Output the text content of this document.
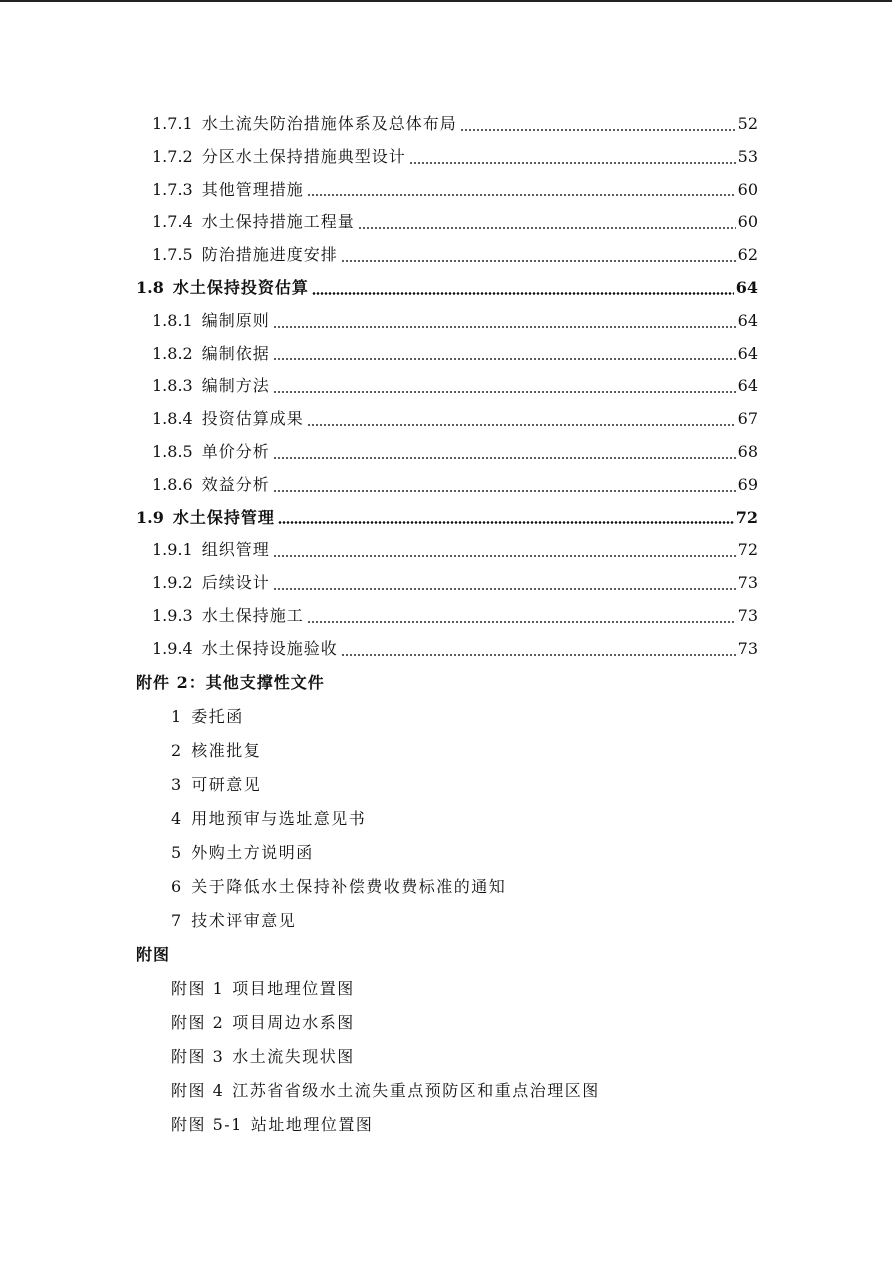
1.7.1 水土流失防治措施体系及总体布局	52
1.7.2 分区水土保持措施典型设计	53
1.7.3 其他管理措施	60
1.7.4 水土保持措施工程量	60
1.7.5 防治措施进度安排	62
1.8 水土保持投资估算	64
1.8.1 编制原则	64
1.8.2 编制依据	64
1.8.3 编制方法	64
1.8.4 投资估算成果	67
1.8.5 单价分析	68
1.8.6 效益分析	69
1.9 水土保持管理	72
1.9.1 组织管理	72
1.9.2 后续设计	73
1.9.3 水土保持施工	73
1.9.4 水土保持设施验收	73
附件 2：其他支撑性文件
1 委托函
2 核准批复
3 可研意见
4 用地预审与选址意见书
5 外购土方说明函
6 关于降低水土保持补偿费收费标准的通知
7 技术评审意见
附图
附图 1 项目地理位置图
附图 2 项目周边水系图
附图 3 水土流失现状图
附图 4 江苏省省级水土流失重点预防区和重点治理区图
附图 5-1 站址地理位置图
